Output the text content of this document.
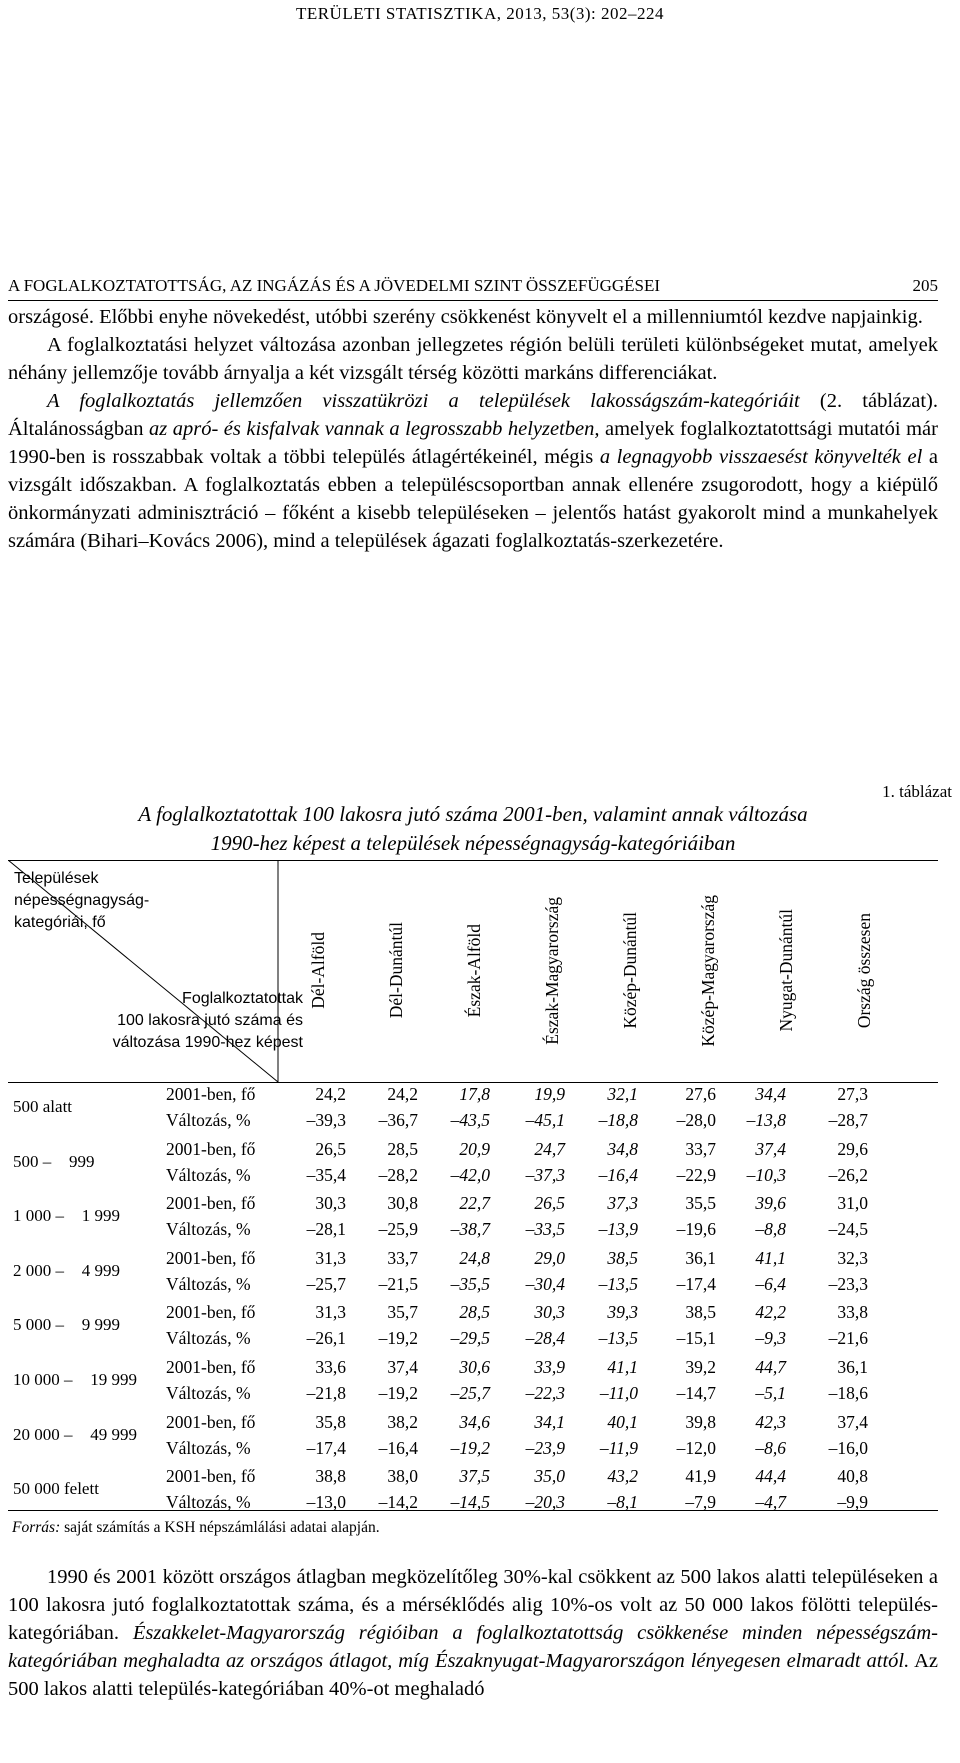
TERÜLETI STATISZTIKA, 2013, 53(3): 202–224
A FOGLALKOZTATOTTSÁG, AZ INGÁZÁS ÉS A JÖVEDELMI SZINT ÖSSZEFÜGGÉSEI	205

országosé. Előbbi enyhe növekedést, utóbbi szerény csökkenést könyvelt el a millenniumtól kezdve napjainkig.

A foglalkoztatási helyzet változása azonban jellegzetes régión belüli területi különbségeket mutat, amelyek néhány jellemzője tovább árnyalja a két vizsgált térség közötti markáns differenciákat.

A foglalkoztatás jellemzően visszatükrözi a települések lakosságszám-kategóriáit (2. táblázat). Általánosságban az apró- és kisfalvak vannak a legrosszabb helyzetben, amelyek foglalkoztatottsági mutatói már 1990-ben is rosszabbak voltak a többi település átlagértékeinél, mégis a legnagyobb visszaesést könyvelték el a vizsgált időszakban. A foglalkoztatás ebben a településcsoportban annak ellenére zsugorodott, hogy a kiépülő önkormányzati adminisztráció – főként a kisebb településeken – jelentős hatást gyakorolt mind a munkahelyek számára (Bihari–Kovács 2006), mind a települések ágazati foglalkoztatás-szerkezetére.

1. táblázat
A foglalkoztatottak 100 lakosra jutó száma 2001-ben, valamint annak változása
1990-hez képest a települések népességnagyság-kategóriáiban
Települések
népességnagyság-
kategóriái, fő
Foglalkoztatottak
100 lakosra jutó száma és
változása 1990-hez képest
Dél-Alföld	Dél-Dunántúl	Észak-Alföld	Észak-Magyarország	Közép-Dunántúl	Közép-Magyarország	Nyugat-Dunántúl	Ország összesen
500 alatt
2001-ben, fő
Változás, %
24,2	24,2	17,8	19,9	32,1	27,6	34,4	27,3
–39,3	–36,7	–43,5	–45,1	–18,8	–28,0	–13,8	–28,7
500 – 999
2001-ben, fő
Változás, %
26,5	28,5	20,9	24,7	34,8	33,7	37,4	29,6
–35,4	–28,2	–42,0	–37,3	–16,4	–22,9	–10,3	–26,2
1 000 – 1 999
2001-ben, fő
Változás, %
30,3	30,8	22,7	26,5	37,3	35,5	39,6	31,0
–28,1	–25,9	–38,7	–33,5	–13,9	–19,6	–8,8	–24,5
2 000 – 4 999
2001-ben, fő
Változás, %
31,3	33,7	24,8	29,0	38,5	36,1	41,1	32,3
–25,7	–21,5	–35,5	–30,4	–13,5	–17,4	–6,4	–23,3
5 000 – 9 999
2001-ben, fő
Változás, %
31,3	35,7	28,5	30,3	39,3	38,5	42,2	33,8
–26,1	–19,2	–29,5	–28,4	–13,5	–15,1	–9,3	–21,6
10 000 – 19 999
2001-ben, fő
Változás, %
33,6	37,4	30,6	33,9	41,1	39,2	44,7	36,1
–21,8	–19,2	–25,7	–22,3	–11,0	–14,7	–5,1	–18,6
20 000 – 49 999
2001-ben, fő
Változás, %
35,8	38,2	34,6	34,1	40,1	39,8	42,3	37,4
–17,4	–16,4	–19,2	–23,9	–11,9	–12,0	–8,6	–16,0
50 000 felett
2001-ben, fő
Változás, %
38,8	38,0	37,5	35,0	43,2	41,9	44,4	40,8
–13,0	–14,2	–14,5	–20,3	–8,1	–7,9	–4,7	–9,9
Forrás: saját számítás a KSH népszámlálási adatai alapján.

1990 és 2001 között országos átlagban megközelítőleg 30%-kal csökkent az 500 lakos alatti településeken a 100 lakosra jutó foglalkoztatottak száma, és a mérséklődés alig 10%-os volt az 50 000 lakos fölötti település-kategóriában. Északkelet-Magyarország régióiban a foglalkoztatottság csökkenése minden népességszám-kategóriában meghaladta az országos átlagot, míg Északnyugat-Magyarországon lényegesen elmaradt attól. Az 500 lakos alatti település-kategóriában 40%-ot meghaladó
